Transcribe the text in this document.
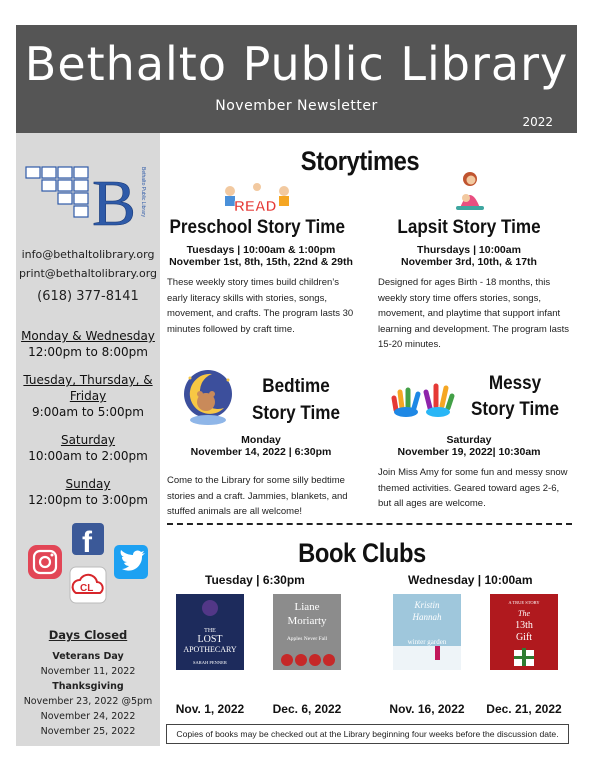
Bethalto Public Library
November Newsletter
2022
B Bethalto Public Library
info@bethaltolibrary.org
print@bethaltolibrary.org
(618) 377-8141
Monday & Wednesday
12:00pm to 8:00pm
Tuesday, Thursday, & Friday
9:00am to 5:00pm
Saturday
10:00am to 2:00pm
Sunday
12:00pm to 3:00pm
f
CL
Days Closed
Veterans Day
November 11, 2022
Thanksgiving
November 23, 2022 @5pm
November 24, 2022
November 25, 2022
Storytimes
READ
Preschool Story Time
Tuesdays | 10:00am & 1:00pm
November 1st, 8th, 15th, 22nd & 29th
These weekly story times build children’s early literacy skills with stories, songs, movement, and crafts. The program lasts 30 minutes followed by craft time.
Lapsit Story Time
Thursdays | 10:00am
November 3rd, 10th, & 17th
Designed for ages Birth - 18 months, this weekly story time offers stories, songs, movement, and playtime that support infant learning and development. The program lasts 15-20 minutes.
Bedtime
Story Time
Monday
November 14, 2022 | 6:30pm
Come to the Library for some silly bedtime stories and a craft. Jammies, blankets, and stuffed animals are all welcome!
Messy
Story Time
Saturday
November 19, 2022| 10:30am
Join Miss Amy for some fun and messy snow themed activities. Geared toward ages 2-6, but all ages are welcome.
Book Clubs
Tuesday | 6:30pm	Wednesday | 10:00am
THE
LOST
APOTHECARY
SARAH PENNER
Nov. 1, 2022
Liane
Moriarty
Apples Never Fall
Dec. 6, 2022
Kristin
Hannah
winter garden
Nov. 16, 2022
A TRUE STORY
The
13th
Gift
Dec. 21, 2022
Copies of books may be checked out at the Library beginning four weeks before the discussion date.
